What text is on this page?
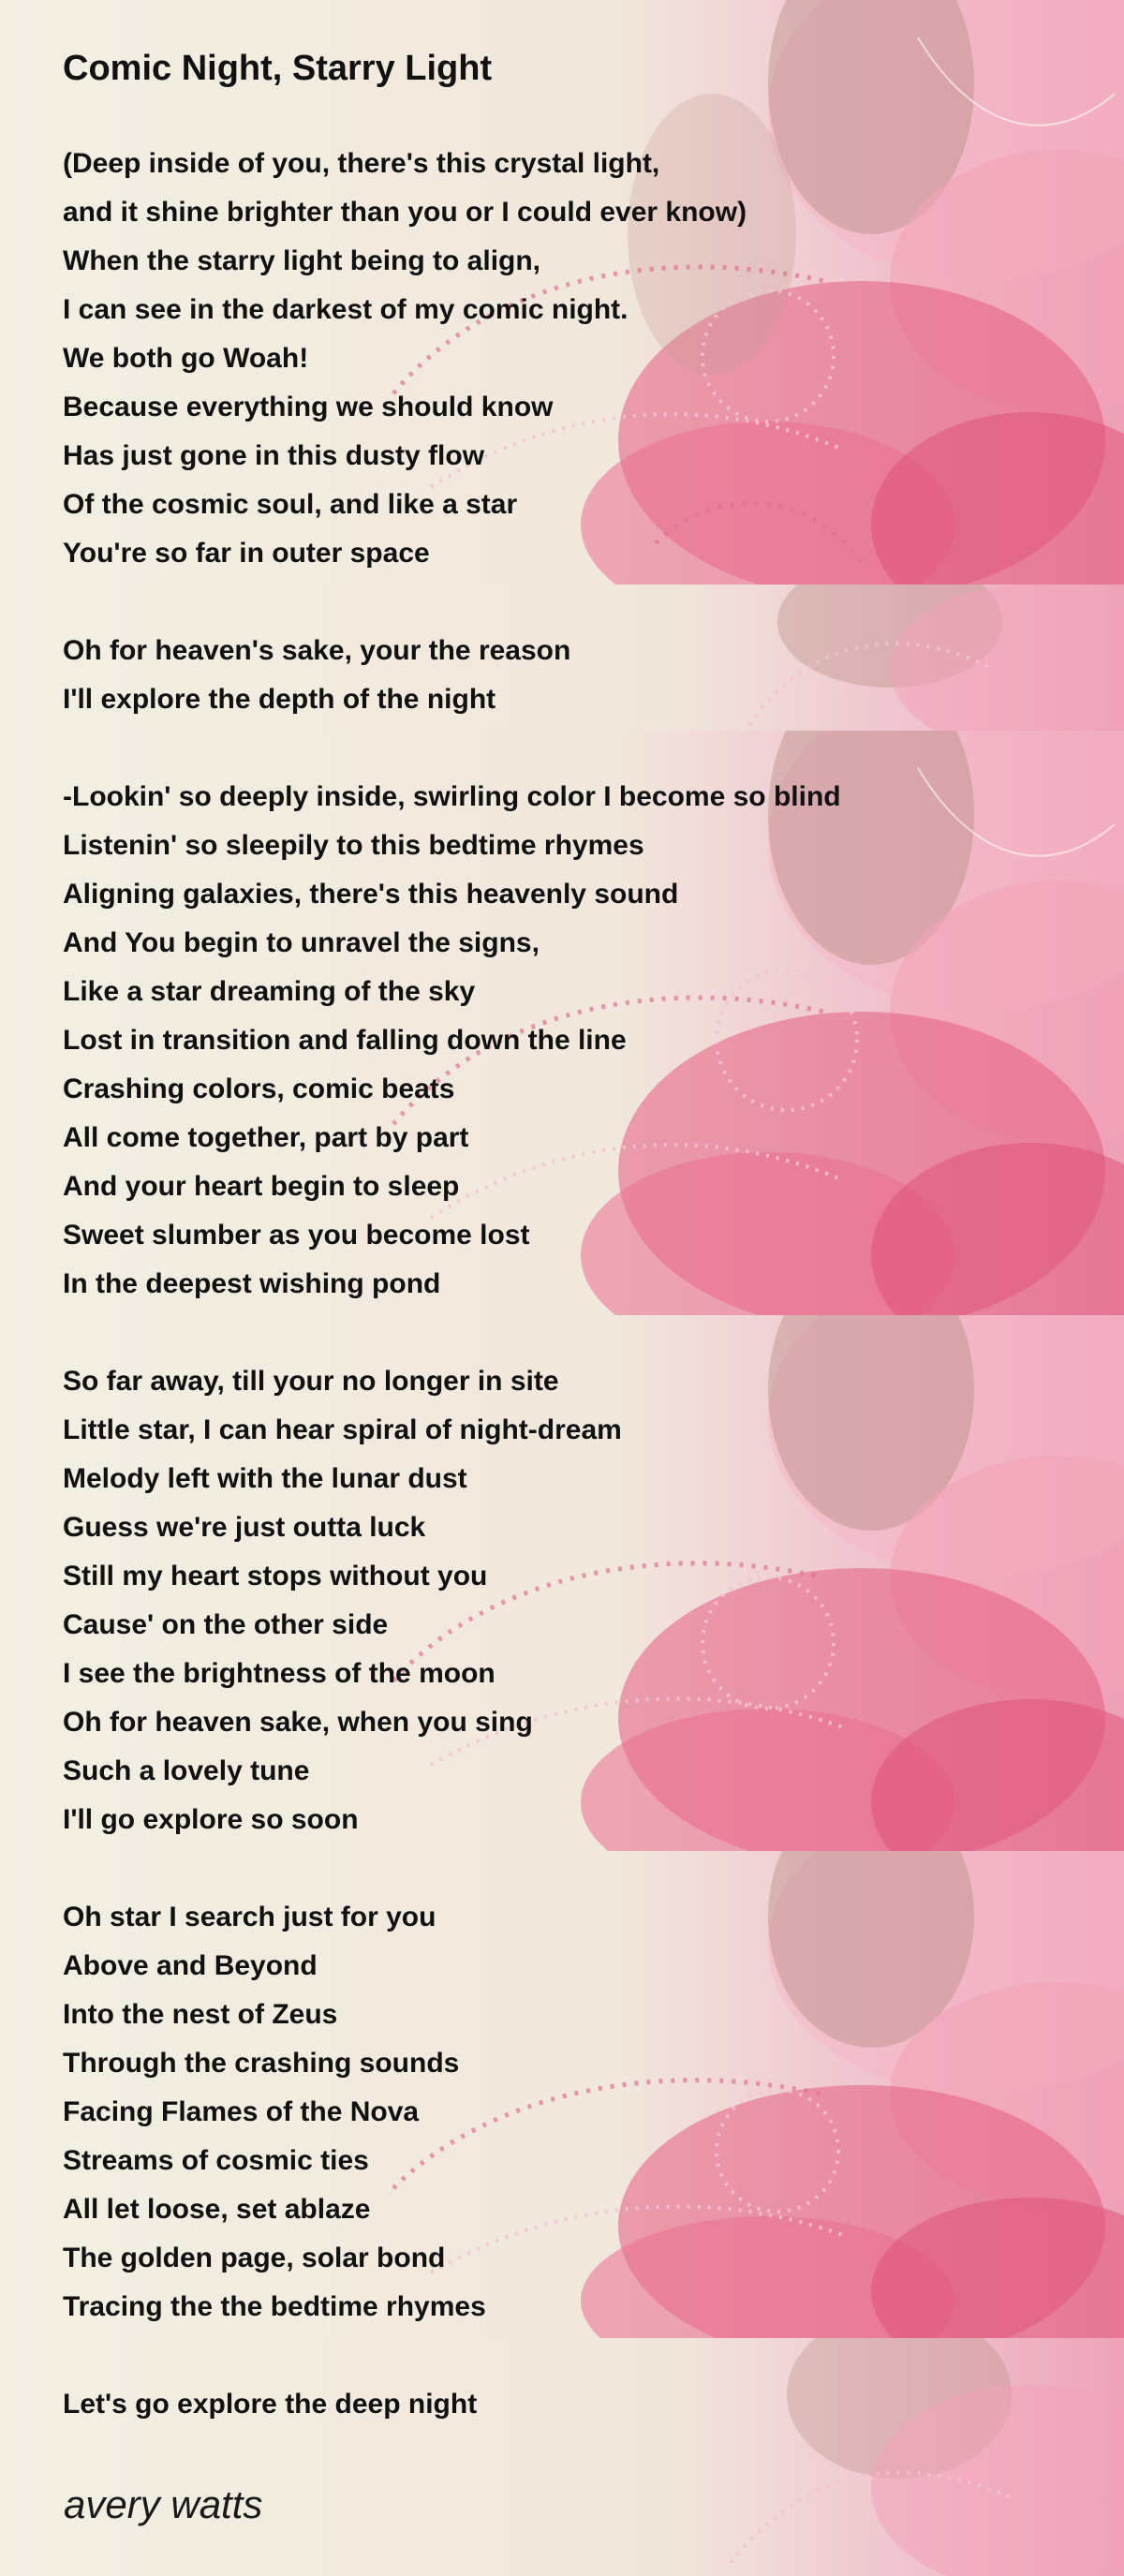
Comic Night, Starry Light
(Deep inside of you, there's this crystal light,
and it shine brighter than you or I could ever know)
When the starry light being to align,
I can see in the darkest of my comic night.
We both go Woah!
Because everything we should know
Has just gone in this dusty flow
Of the cosmic soul, and like a star
You're so far in outer space
Oh for heaven's sake, your the reason
I'll explore the depth of the night
-Lookin' so deeply inside, swirling color I become so blind
Listenin' so sleepily to this bedtime rhymes
Aligning galaxies, there's this heavenly sound
And You begin to unravel the signs,
Like a star dreaming of the sky
Lost in transition and falling down the line
Crashing colors, comic beats
All come together, part by part
And your heart begin to sleep
Sweet slumber as you become lost
In the deepest wishing pond
So far away, till your no longer in site
Little star, I can hear spiral of night-dream
Melody left with the lunar dust
Guess we're just outta luck
Still my heart stops without you
Cause' on the other side
I see the brightness of the moon
Oh for heaven sake, when you sing
Such a lovely tune
I'll go explore so soon
Oh star I search just for you
Above and Beyond
Into the nest of Zeus
Through the crashing sounds
Facing Flames of the Nova
Streams of cosmic ties
All let loose, set ablaze
The golden page, solar bond
Tracing the the bedtime rhymes
Let's go explore the deep night
avery watts
